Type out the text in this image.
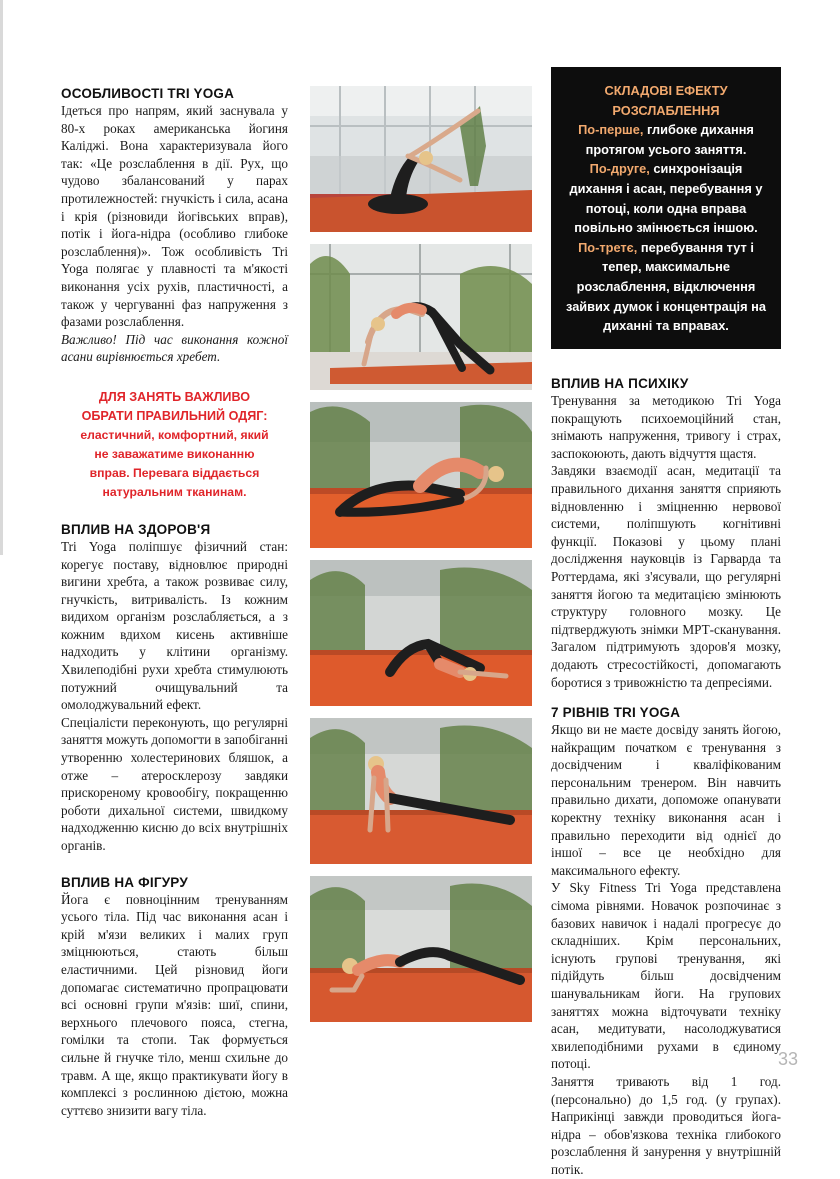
ОСОБЛИВОСТІ TRI YOGA

Ідеться про напрям, який заснувала у 80-х роках американська йогиня Каліджі. Вона характеризувала його так: «Це розслаблення в дії. Рух, що чудово збалансований у парах протилежностей: гнучкість і сила, асана і крія (різновиди йогівських вправ), потік і йога-нідра (особливо глибоке розслаблення)». Тож особливість Tri Yoga полягає у плавності та м'якості виконання усіх рухів, пластичності, а також у чергуванні фаз напруження з фазами розслаблення.

Важливо! Під час виконання кожної асани вирівнюється хребет.

ДЛЯ ЗАНЯТЬ ВАЖЛИВО
ОБРАТИ ПРАВИЛЬНИЙ ОДЯГ:
еластичний, комфортний, який не заважатиме виконанню вправ. Перевага віддається натуральним тканинам.
ВПЛИВ НА ЗДОРОВ'Я

Tri Yoga поліпшує фізичний стан: корегує поставу, відновлює природні вигини хребта, а також розвиває силу, гнучкість, витривалість. Із кожним видихом організм розслабляється, а з кожним вдихом кисень активніше надходить у клітини організму. Хвилеподібні рухи хребта стимулюють потужний очищувальний та омолоджувальний ефект.

Спеціалісти переконують, що регулярні заняття можуть допомогти в запобіганні утворенню холестеринових бляшок, а отже – атеросклерозу завдяки прискореному кровообігу, покращенню роботи дихальної системи, швидкому надходженню кисню до всіх внутрішніх органів.

ВПЛИВ НА ФІГУРУ

Йога є повноцінним тренуванням усього тіла. Під час виконання асан і крій м'язи великих і малих груп зміцнюються, стають більш еластичними. Цей різновид йоги допомагає систематично пропрацювати всі основні групи м'язів: шиї, спини, верхнього плечового пояса, стегна, гомілки та стопи. Так формується сильне й гнучке тіло, менш схильне до травм. А ще, якщо практикувати йогу в комплексі з рослинною дієтою, можна суттєво знизити вагу тіла.

СКЛАДОВІ ЕФЕКТУ
РОЗСЛАБЛЕННЯ
По-перше, глибоке дихання протягом усього заняття.
По-друге, синхронізація дихання і асан, перебування у потоці, коли одна вправа повільно змінюється іншою.
По-третє, перебування тут і тепер, максимальне розслаблення, відключення зайвих думок і концентрація на диханні та вправах.
ВПЛИВ НА ПСИХІКУ

Тренування за методикою Tri Yoga покращують психоемоційний стан, знімають напруження, тривогу і страх, заспокоюють, дають відчуття щастя.

Завдяки взаємодії асан, медитації та правильного дихання заняття сприяють відновленню і зміцненню нервової системи, поліпшують когнітивні функції. Показові у цьому плані дослідження науковців із Гарварда та Роттердама, які з'ясували, що регулярні заняття йогою та медитацією змінюють структуру головного мозку. Це підтверджують знімки МРТ-сканування. Загалом підтримують здоров'я мозку, додають стресостійкості, допомагають боротися з тривожністю та депресіями.

7 РІВНІВ TRI YOGA

Якщо ви не маєте досвіду занять йогою, найкращим початком є тренування з досвідченим і кваліфікованим персональним тренером. Він навчить правильно дихати, допоможе опанувати коректну техніку виконання асан і правильно переходити від однієї до іншої – все це необхідно для максимального ефекту.

У Sky Fitness Tri Yoga представлена сімома рівнями. Новачок розпочинає з базових навичок і надалі прогресує до складніших. Крім персональних, існують групові тренування, які підійдуть більш досвідченим шанувальникам йоги. На групових заняттях можна відточувати техніку асан, медитувати, насолоджуватися хвилеподібними рухами в єдиному потоці.

Заняття тривають від 1 год. (персонально) до 1,5 год. (у групах). Наприкінці завжди проводиться йога-нідра – обов'язкова техніка глибокого розслаблення й занурення у внутрішній потік.

33
